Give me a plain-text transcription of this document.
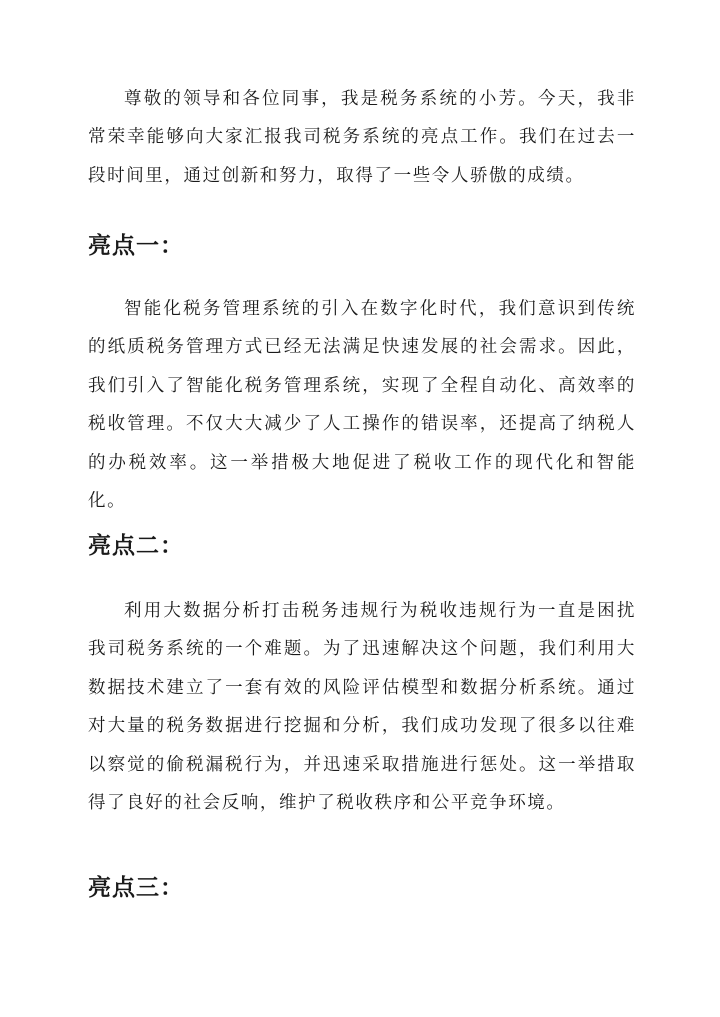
尊敬的领导和各位同事，我是税务系统的小芳。今天，我非常荣幸能够向大家汇报我司税务系统的亮点工作。我们在过去一段时间里，通过创新和努力，取得了一些令人骄傲的成绩。

亮点一：

智能化税务管理系统的引入在数字化时代，我们意识到传统的纸质税务管理方式已经无法满足快速发展的社会需求。因此，我们引入了智能化税务管理系统，实现了全程自动化、高效率的税收管理。不仅大大减少了人工操作的错误率，还提高了纳税人的办税效率。这一举措极大地促进了税收工作的现代化和智能化。

亮点二：

利用大数据分析打击税务违规行为税收违规行为一直是困扰我司税务系统的一个难题。为了迅速解决这个问题，我们利用大数据技术建立了一套有效的风险评估模型和数据分析系统。通过对大量的税务数据进行挖掘和分析，我们成功发现了很多以往难以察觉的偷税漏税行为，并迅速采取措施进行惩处。这一举措取得了良好的社会反响，维护了税收秩序和公平竞争环境。

亮点三：
